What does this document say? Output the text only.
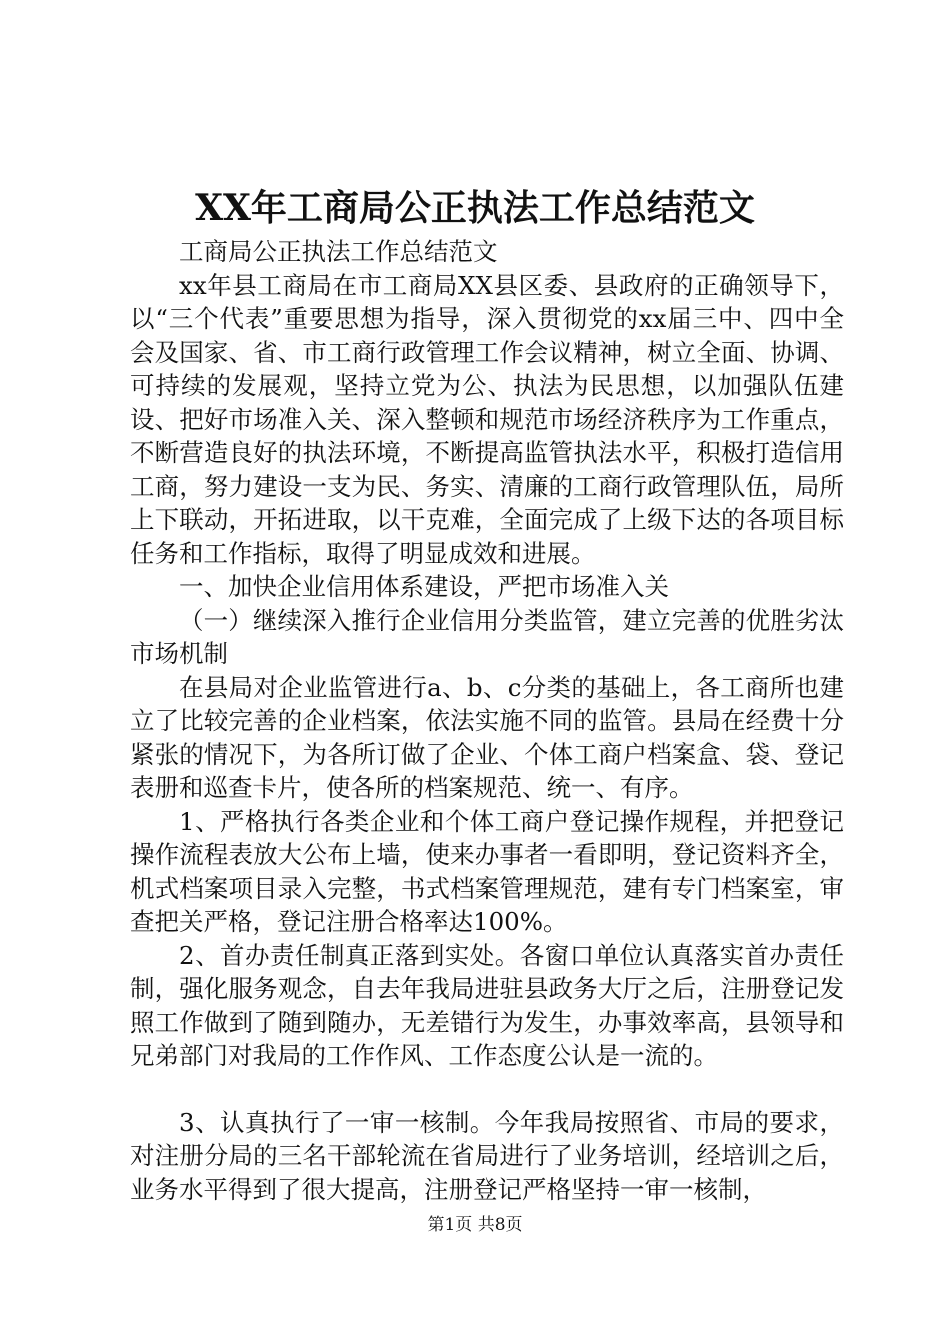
XX年工商局公正执法工作总结范文

工商局公正执法工作总结范文

xx年县工商局在市工商局XX县区委、县政府的正确领导下，以“三个代表”重要思想为指导，深入贯彻党的xx届三中、四中全会及国家、省、市工商行政管理工作会议精神，树立全面、协调、可持续的发展观，坚持立党为公、执法为民思想，以加强队伍建设、把好市场准入关、深入整顿和规范市场经济秩序为工作重点，不断营造良好的执法环境，不断提高监管执法水平，积极打造信用工商，努力建设一支为民、务实、清廉的工商行政管理队伍，局所上下联动，开拓进取，以干克难，全面完成了上级下达的各项目标任务和工作指标，取得了明显成效和进展。

一、加快企业信用体系建设，严把市场准入关

（一）继续深入推行企业信用分类监管，建立完善的优胜劣汰市场机制

在县局对企业监管进行a、b、c分类的基础上，各工商所也建立了比较完善的企业档案，依法实施不同的监管。县局在经费十分紧张的情况下，为各所订做了企业、个体工商户档案盒、袋、登记表册和巡查卡片，使各所的档案规范、统一、有序。

1、严格执行各类企业和个体工商户登记操作规程，并把登记操作流程表放大公布上墙，使来办事者一看即明，登记资料齐全，机式档案项目录入完整，书式档案管理规范，建有专门档案室，审查把关严格，登记注册合格率达100%。

2、首办责任制真正落到实处。各窗口单位认真落实首办责任制，强化服务观念，自去年我局进驻县政务大厅之后，注册登记发照工作做到了随到随办，无差错行为发生，办事效率高，县领导和兄弟部门对我局的工作作风、工作态度公认是一流的。

3、认真执行了一审一核制。今年我局按照省、市局的要求，对注册分局的三名干部轮流在省局进行了业务培训，经培训之后，业务水平得到了很大提高，注册登记严格坚持一审一核制，

第1页 共8页
